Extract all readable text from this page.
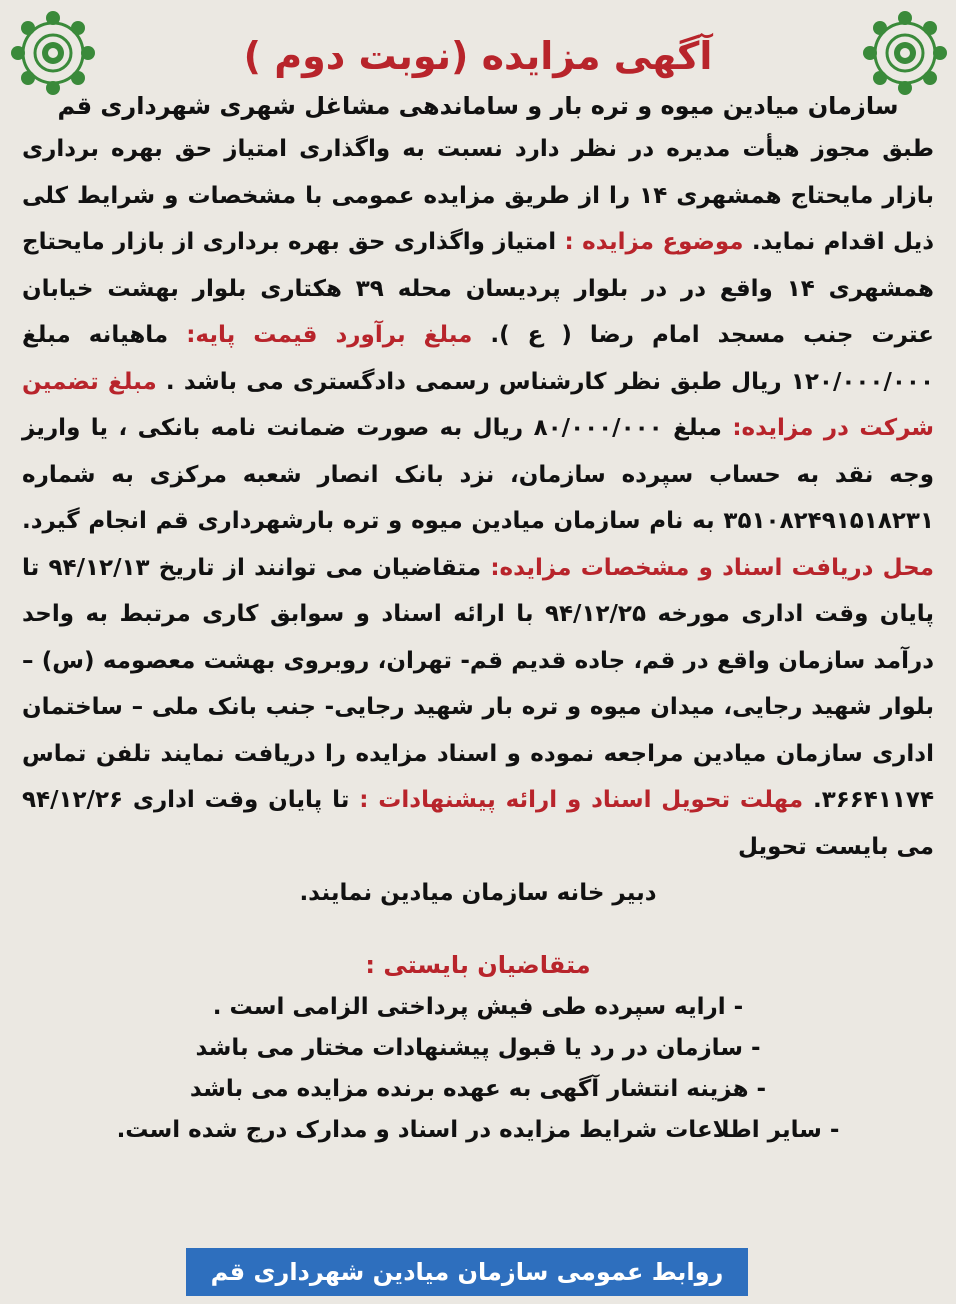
آگهی مزایده (نوبت دوم )
سازمان میادین میوه و تره بار و ساماندهی مشاغل شهری شهرداری قم

طبق مجوز هیأت مدیره در نظر دارد نسبت به واگذاری امتیاز حق بهره برداری بازار مایحتاج همشهری ۱۴ را از طریق مزایده عمومی با مشخصات و شرایط کلی ذیل اقدام نماید. موضوع مزایده : امتیاز واگذاری حق بهره برداری از بازار مایحتاج همشهری ۱۴ واقع در در بلوار پردیسان محله ۳۹ هکتاری بلوار بهشت خیابان عترت جنب مسجد امام رضا ( ع ). مبلغ برآورد قیمت پایه: ماهیانه مبلغ ۱۲۰/۰۰۰/۰۰۰ ریال طبق نظر کارشناس رسمی دادگستری می باشد . مبلغ تضمین شرکت در مزایده: مبلغ ۸۰/۰۰۰/۰۰۰ ریال به صورت ضمانت نامه بانکی ، یا واریز وجه نقد به حساب سپرده سازمان، نزد بانک انصار شعبه مرکزی به شماره ۳۵۱۰۸۲۴۹۱۵۱۸۲۳۱ به نام سازمان میادین میوه و تره بارشهرداری قم انجام گیرد. محل دریافت اسناد و مشخصات مزایده: متقاضیان می توانند از تاریخ ۹۴/۱۲/۱۳ تا پایان وقت اداری مورخه ۹۴/۱۲/۲۵ با ارائه اسناد و سوابق کاری مرتبط به واحد درآمد سازمان واقع در قم، جاده قدیم قم- تهران، روبروی بهشت معصومه (س) – بلوار شهید رجایی، میدان میوه و تره بار شهید رجایی- جنب بانک ملی – ساختمان اداری سازمان میادین مراجعه نموده و اسناد مزایده را دریافت نمایند تلفن تماس ۳۶۶۴۱۱۷۴. مهلت تحویل اسناد و ارائه پیشنهادات : تا پایان وقت اداری ۹۴/۱۲/۲۶ می بایست تحویل

دبیر خانه سازمان میادین نمایند.

متقاضیان بایستی :
- ارایه سپرده طی فیش پرداختی الزامی است .
- سازمان در رد یا قبول پیشنهادات مختار می باشد
- هزینه انتشار آگهی به عهده برنده مزایده می باشد
- سایر اطلاعات شرایط مزایده در اسناد و مدارک درج شده است.
روابط عمومی سازمان میادین شهرداری قم
